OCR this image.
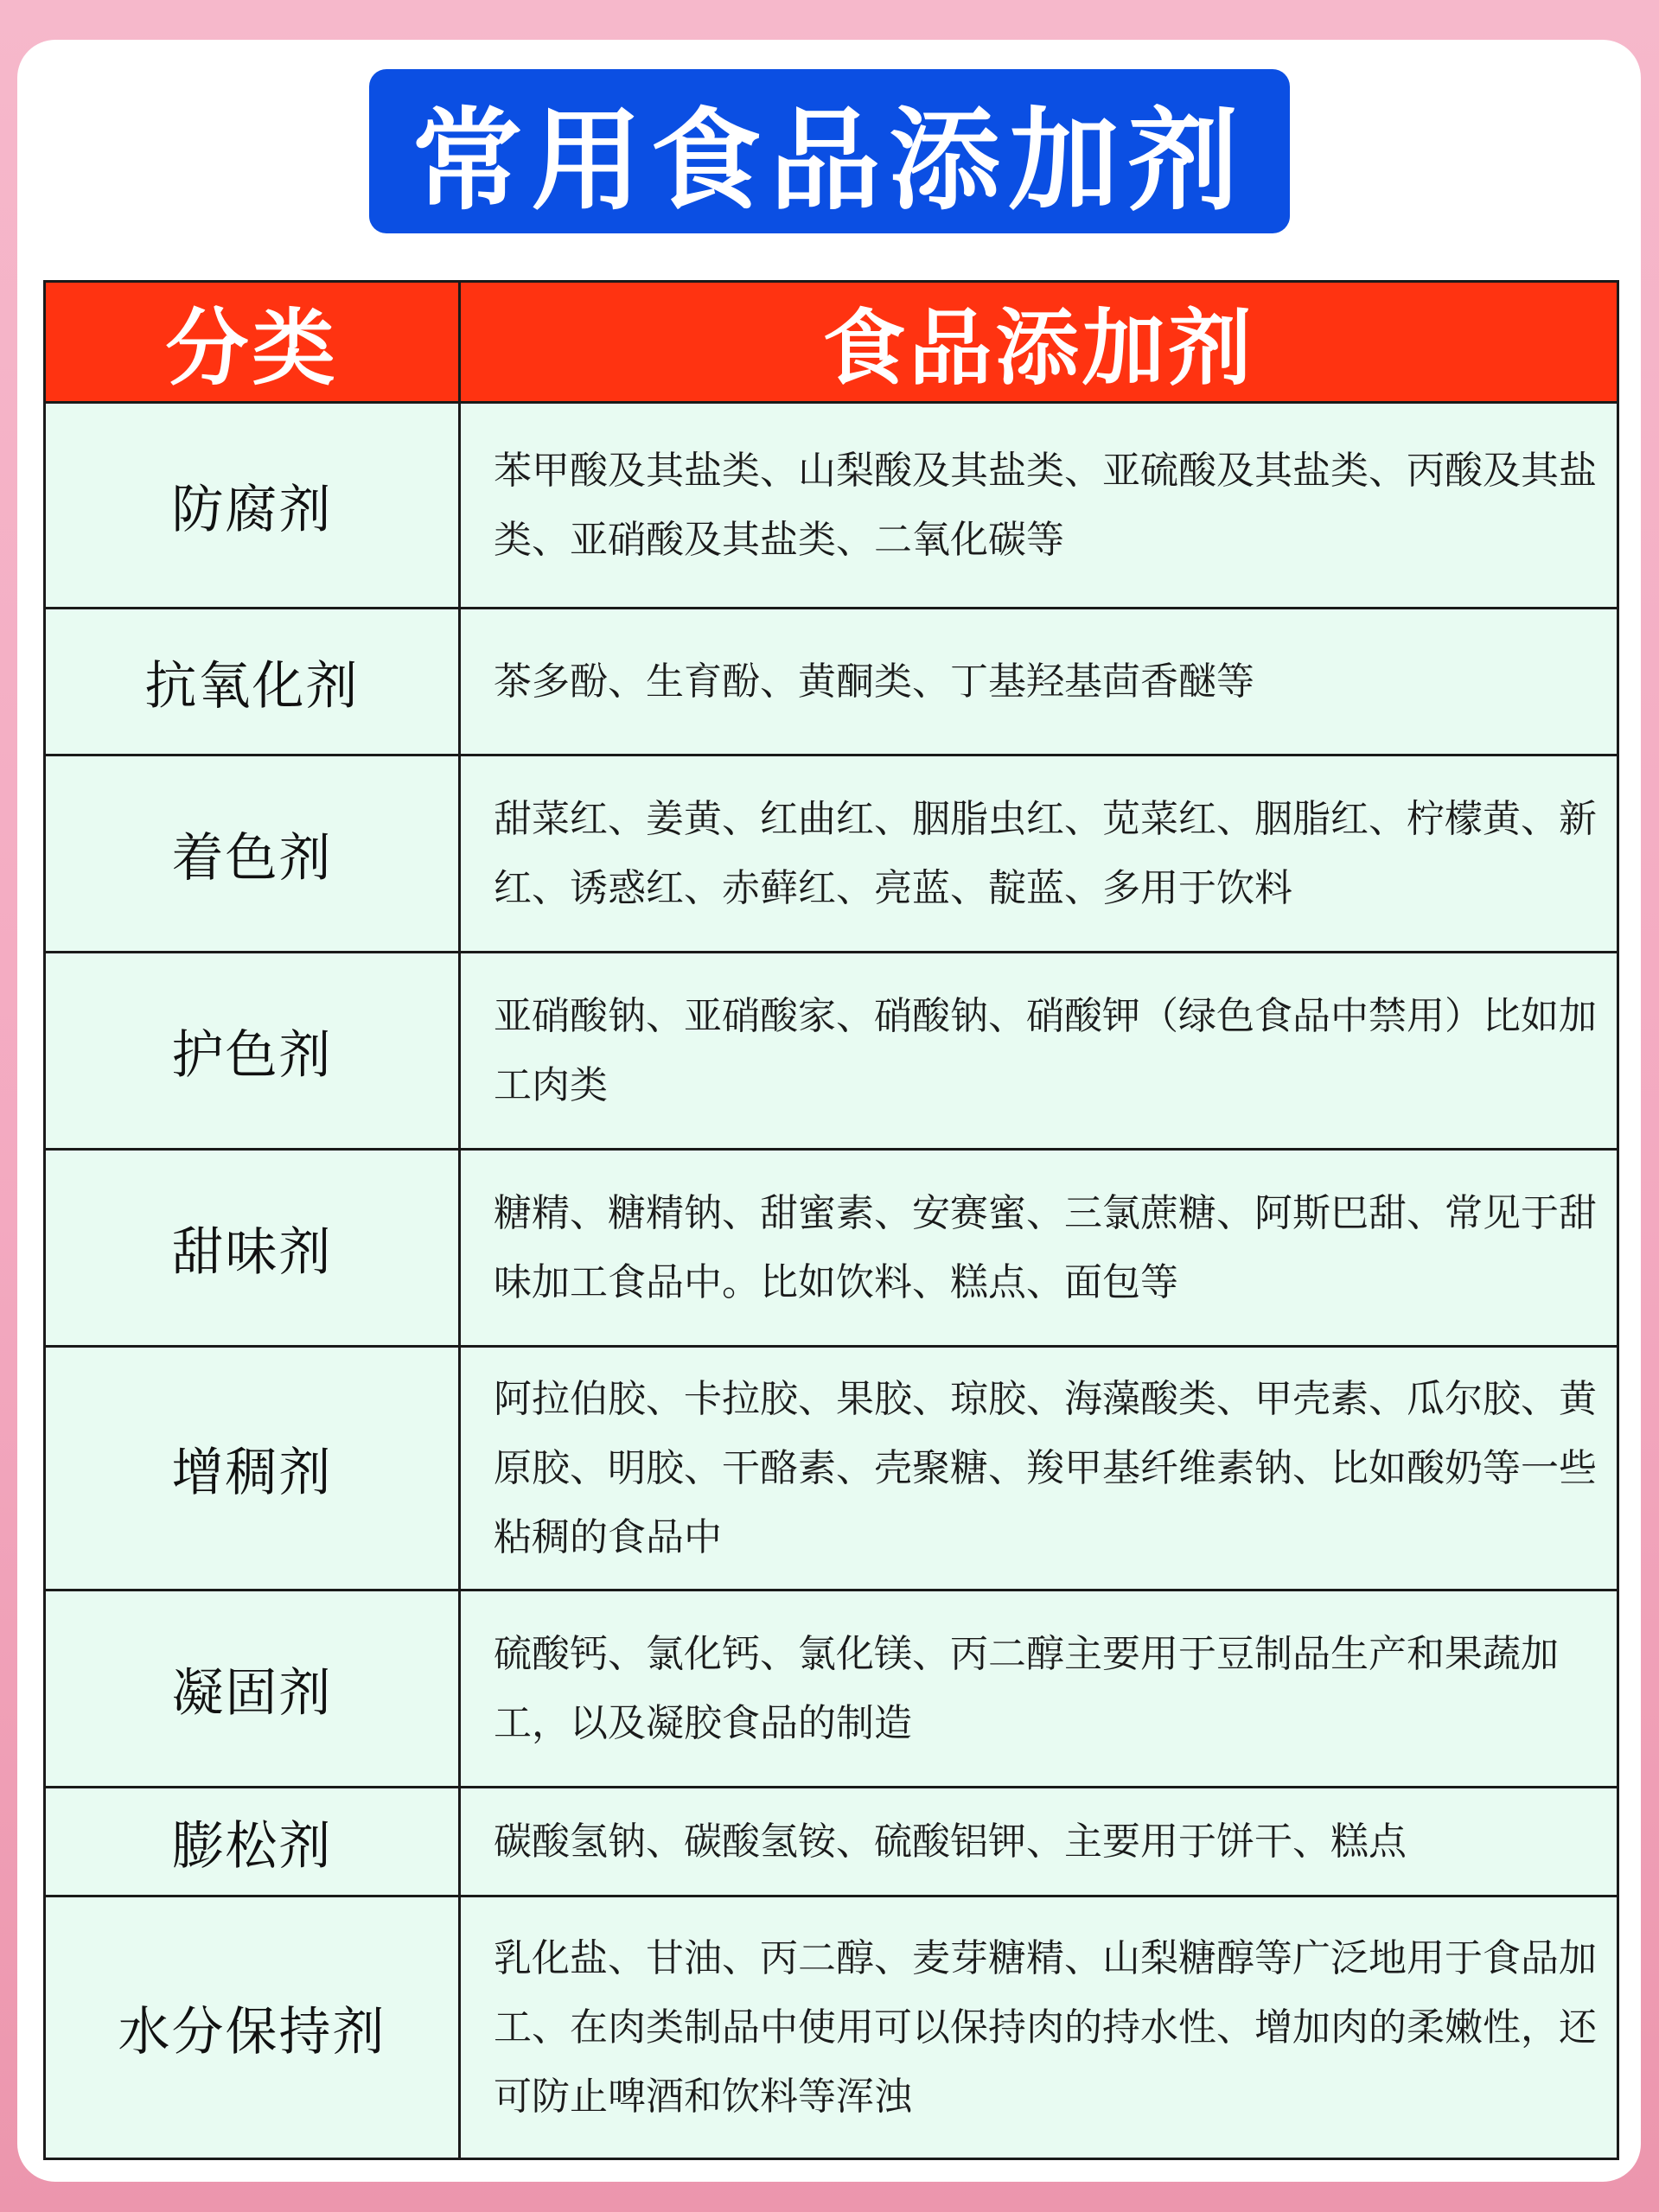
常用食品添加剂
分类	食品添加剂
防腐剂	苯甲酸及其盐类、山梨酸及其盐类、亚硫酸及其盐类、丙酸及其盐类、亚硝酸及其盐类、二氧化碳等
抗氧化剂	茶多酚、生育酚、黄酮类、丁基羟基茴香醚等
着色剂	甜菜红、姜黄、红曲红、胭脂虫红、苋菜红、胭脂红、柠檬黄、新红、诱惑红、赤藓红、亮蓝、靛蓝、多用于饮料
护色剂	亚硝酸钠、亚硝酸家、硝酸钠、硝酸钾（绿色食品中禁用）比如加工肉类
甜味剂	糖精、糖精钠、甜蜜素、安赛蜜、三氯蔗糖、阿斯巴甜、常见于甜味加工食品中。比如饮料、糕点、面包等
增稠剂	阿拉伯胶、卡拉胶、果胶、琼胶、海藻酸类、甲壳素、瓜尔胶、黄原胶、明胶、干酪素、壳聚糖、羧甲基纤维素钠、比如酸奶等一些粘稠的食品中
凝固剂	硫酸钙、氯化钙、氯化镁、丙二醇主要用于豆制品生产和果蔬加工，以及凝胶食品的制造
膨松剂	碳酸氢钠、碳酸氢铵、硫酸铝钾、主要用于饼干、糕点
水分保持剂	乳化盐、甘油、丙二醇、麦芽糖精、山梨糖醇等广泛地用于食品加工、在肉类制品中使用可以保持肉的持水性、增加肉的柔嫩性，还可防止啤酒和饮料等浑浊
